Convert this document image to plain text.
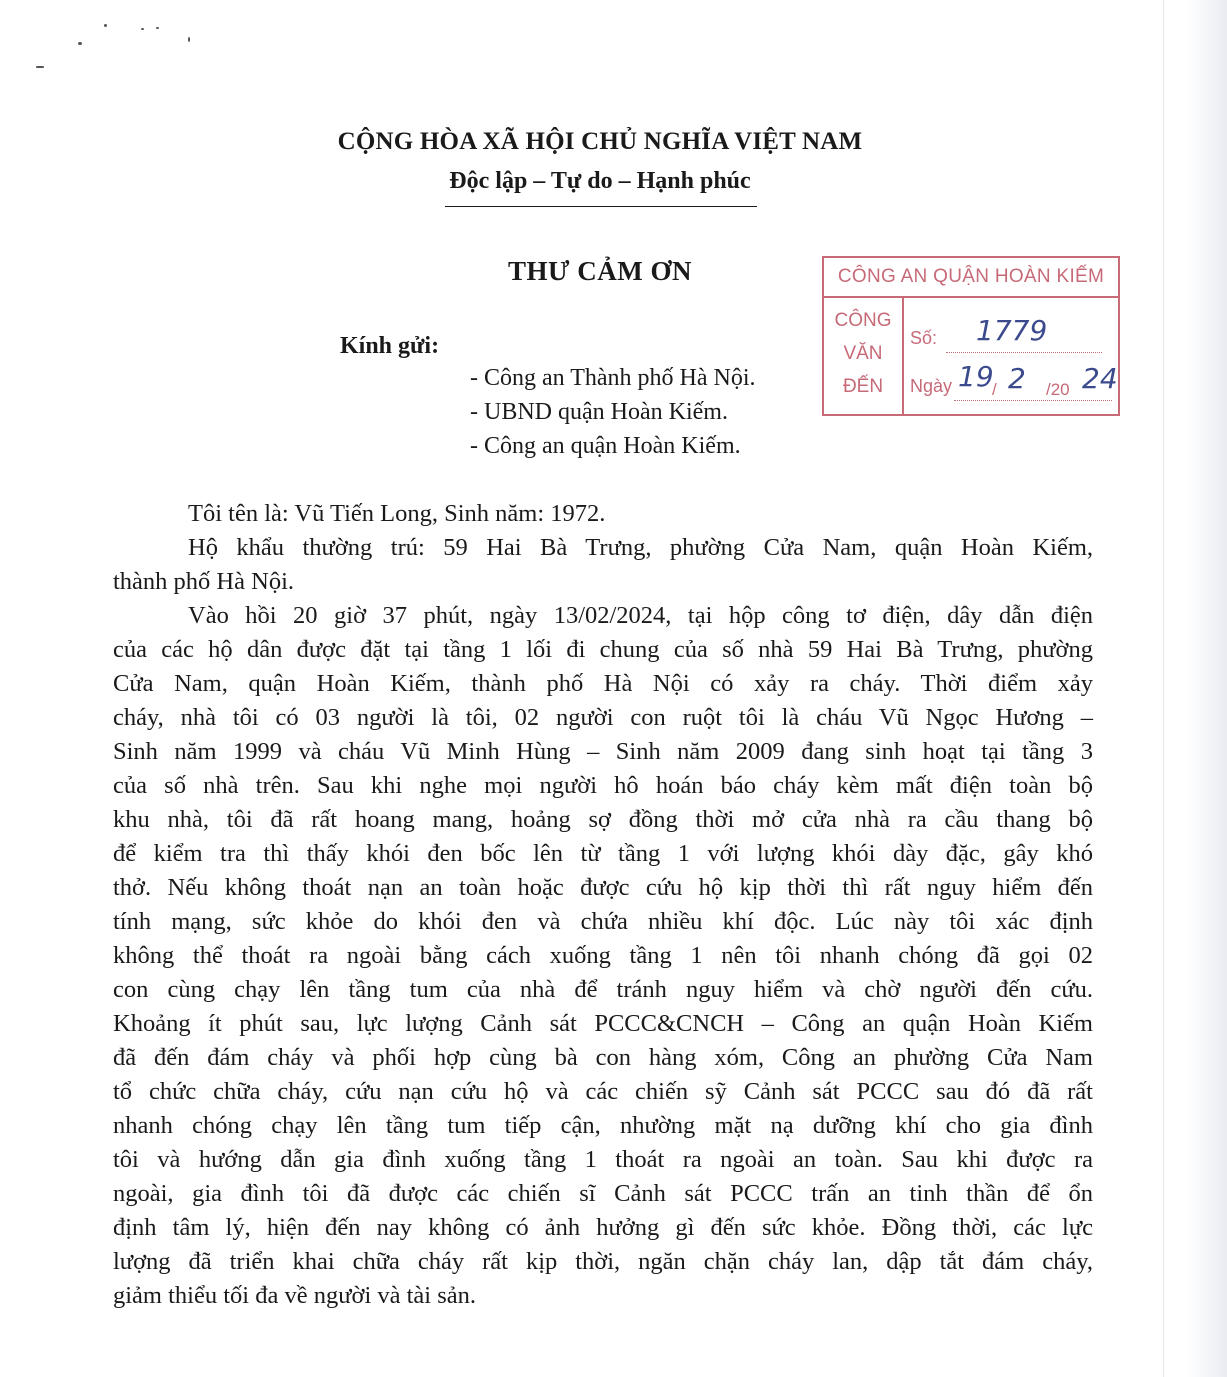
CỘNG HÒA XÃ HỘI CHỦ NGHĨA VIỆT NAM
Độc lập – Tự do – Hạnh phúc
THƯ CẢM ƠN	CÔNG AN QUẬN HOÀN KIẾM
CÔNG
VĂN
ĐẾN
Số: 1779
Ngày 19
/ 2 /20 24
Kính gửi:
- Công an Thành phố Hà Nội.
- UBND quận Hoàn Kiếm.
- Công an quận Hoàn Kiếm.
Tôi tên là: Vũ Tiến Long, Sinh năm: 1972.
Hộ khẩu thường trú: 59 Hai Bà Trưng, phường Cửa Nam, quận Hoàn Kiếm,
thành phố Hà Nội.
Vào hồi 20 giờ 37 phút, ngày 13/02/2024, tại hộp công tơ điện, dây dẫn điện
của các hộ dân được đặt tại tầng 1 lối đi chung của số nhà 59 Hai Bà Trưng, phường
Cửa Nam, quận Hoàn Kiếm, thành phố Hà Nội có xảy ra cháy. Thời điểm xảy
cháy, nhà tôi có 03 người là tôi, 02 người con ruột tôi là cháu Vũ Ngọc Hương –
Sinh năm 1999 và cháu Vũ Minh Hùng – Sinh năm 2009 đang sinh hoạt tại tầng 3
của số nhà trên. Sau khi nghe mọi người hô hoán báo cháy kèm mất điện toàn bộ
khu nhà, tôi đã rất hoang mang, hoảng sợ đồng thời mở cửa nhà ra cầu thang bộ
để kiểm tra thì thấy khói đen bốc lên từ tầng 1 với lượng khói dày đặc, gây khó
thở. Nếu không thoát nạn an toàn hoặc được cứu hộ kịp thời thì rất nguy hiểm đến
tính mạng, sức khỏe do khói đen và chứa nhiều khí độc. Lúc này tôi xác định
không thể thoát ra ngoài bằng cách xuống tầng 1 nên tôi nhanh chóng đã gọi 02
con cùng chạy lên tầng tum của nhà để tránh nguy hiểm và chờ người đến cứu.
Khoảng ít phút sau, lực lượng Cảnh sát PCCC&CNCH – Công an quận Hoàn Kiếm
đã đến đám cháy và phối hợp cùng bà con hàng xóm, Công an phường Cửa Nam
tổ chức chữa cháy, cứu nạn cứu hộ và các chiến sỹ Cảnh sát PCCC sau đó đã rất
nhanh chóng chạy lên tầng tum tiếp cận, nhường mặt nạ dưỡng khí cho gia đình
tôi và hướng dẫn gia đình xuống tầng 1 thoát ra ngoài an toàn. Sau khi được ra
ngoài, gia đình tôi đã được các chiến sĩ Cảnh sát PCCC trấn an tinh thần để ổn
định tâm lý, hiện đến nay không có ảnh hưởng gì đến sức khỏe. Đồng thời, các lực
lượng đã triển khai chữa cháy rất kịp thời, ngăn chặn cháy lan, dập tắt đám cháy,
giảm thiểu tối đa về người và tài sản.
